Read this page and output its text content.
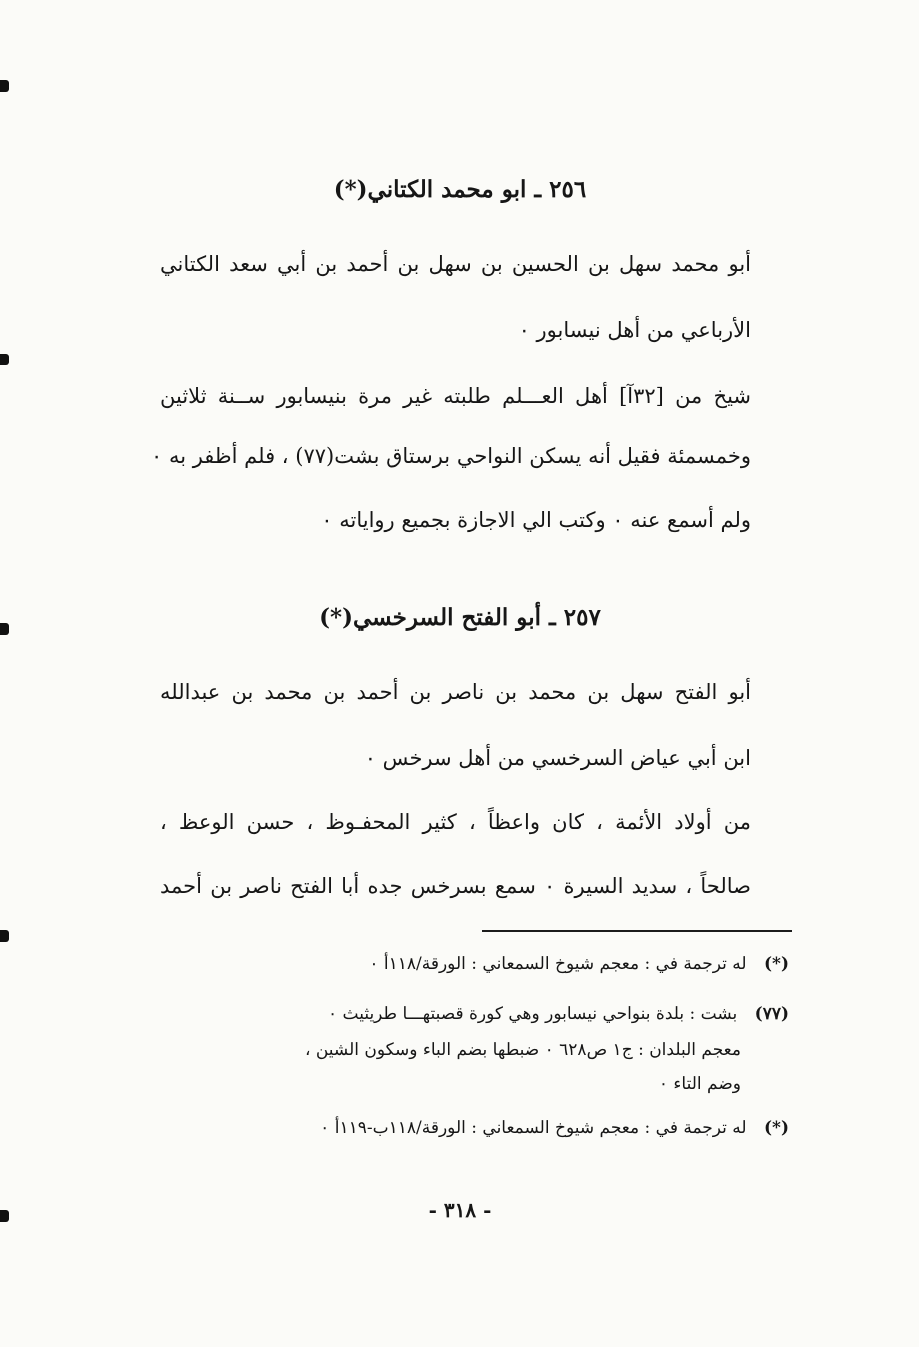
٢٥٦ ـ ابو محمد الكتاني(*)
أبو محمد سهل بن الحسين بن سهل بن أحمد بن أبي سعد الكتاني
الأرباعي من أهل نيسابور ٠
شيخ من [٣٢آ] أهل العـــلم طلبته غير مرة بنيسابور ســنة ثلاثين
وخمسمئة فقيل أنه يسكن النواحي برستاق بشت(٧٧) ، فلم أظفر به ٠
ولم أسمع عنه ٠ وكتب الي الاجازة بجميع رواياته ٠
٢٥٧ ـ أبو الفتح السرخسي(*)
أبو الفتح سهل بن محمد بن ناصر بن أحمد بن محمد بن عبدالله
ابن أبي عياض السرخسي من أهل سرخس ٠
من أولاد الأئمة ، كان واعظاً ، كثير المحفـوظ ، حسن الوعظ ،
صالحاً ، سديد السيرة ٠ سمع بسرخس جده أبا الفتح ناصر بن أحمد
(*) له ترجمة في : معجم شيوخ السمعاني : الورقة/١١٨أ ٠
(٧٧) بشت : بلدة بنواحي نيسابور وهي كورة قصبتهـــا طريثيث ٠
معجم البلدان : ج١ ص٦٢٨ ٠ ضبطها بضم الباء وسكون الشين ،
وضم التاء ٠
(*) له ترجمة في : معجم شيوخ السمعاني : الورقة/١١٨ب-١١٩أ ٠
- ٣١٨ -
